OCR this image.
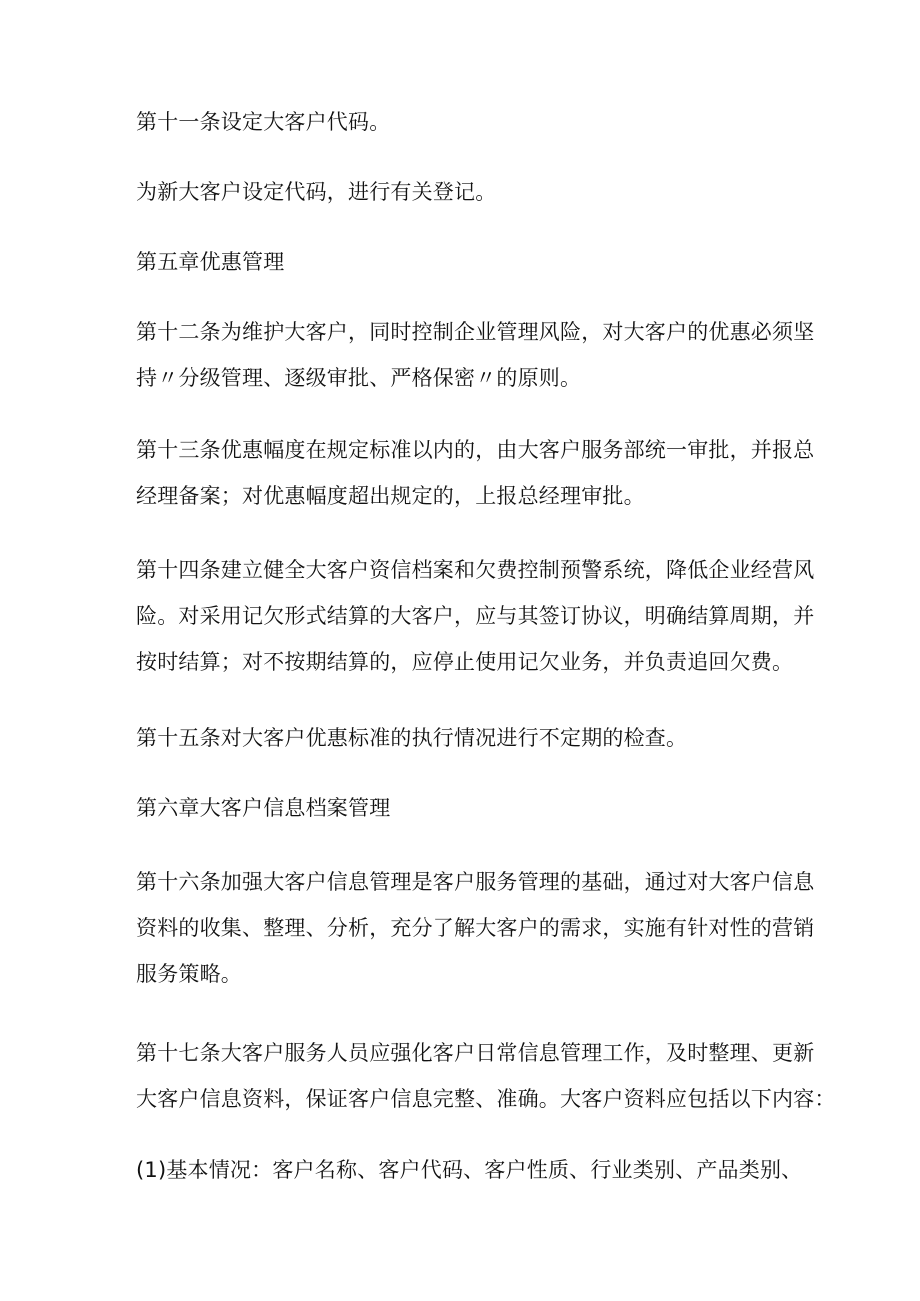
第十一条设定大客户代码。

为新大客户设定代码，进行有关登记。

第五章优惠管理

第十二条为维护大客户，同时控制企业管理风险，对大客户的优惠必须坚
持〃分级管理、逐级审批、严格保密〃的原则。

第十三条优惠幅度在规定标准以内的，由大客户服务部统一审批，并报总
经理备案；对优惠幅度超出规定的，上报总经理审批。

第十四条建立健全大客户资信档案和欠费控制预警系统，降低企业经营风
险。对采用记欠形式结算的大客户，应与其签订协议，明确结算周期，并
按时结算；对不按期结算的，应停止使用记欠业务，并负责追回欠费。

第十五条对大客户优惠标准的执行情况进行不定期的检查。

第六章大客户信息档案管理

第十六条加强大客户信息管理是客户服务管理的基础，通过对大客户信息
资料的收集、整理、分析，充分了解大客户的需求，实施有针对性的营销
服务策略。

第十七条大客户服务人员应强化客户日常信息管理工作，及时整理、更新
大客户信息资料，保证客户信息完整、准确。大客户资料应包括以下内容：

(1)基本情况：客户名称、客户代码、客户性质、行业类别、产品类别、
